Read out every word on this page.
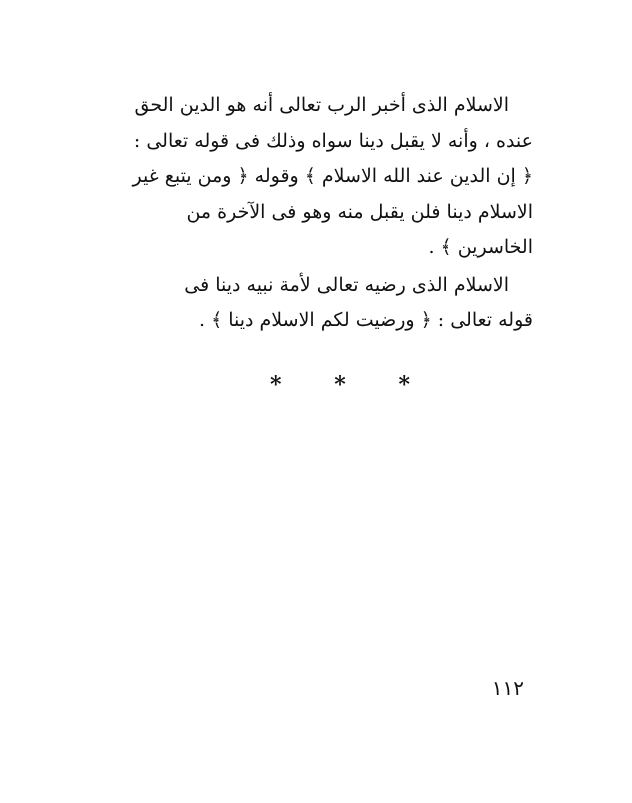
الاسلام الذى أخبر الرب تعالى أنه هو الدين الحق
عنده ، وأنه لا يقبل دينا سواه وذلك فى قوله تعالى :
﴿ إن الدين عند الله الاسلام ﴾ وقوله ﴿ ومن يتبع غير
الاسلام دينا فلن يقبل منه وهو فى الآخرة من
الخاسرين ﴾ .

الاسلام الذى رضيه تعالى لأمة نبيه دينا فى
قوله تعالى : ﴿ ورضيت لكم الاسلام دينا ﴾ .

* * *
١١٢
